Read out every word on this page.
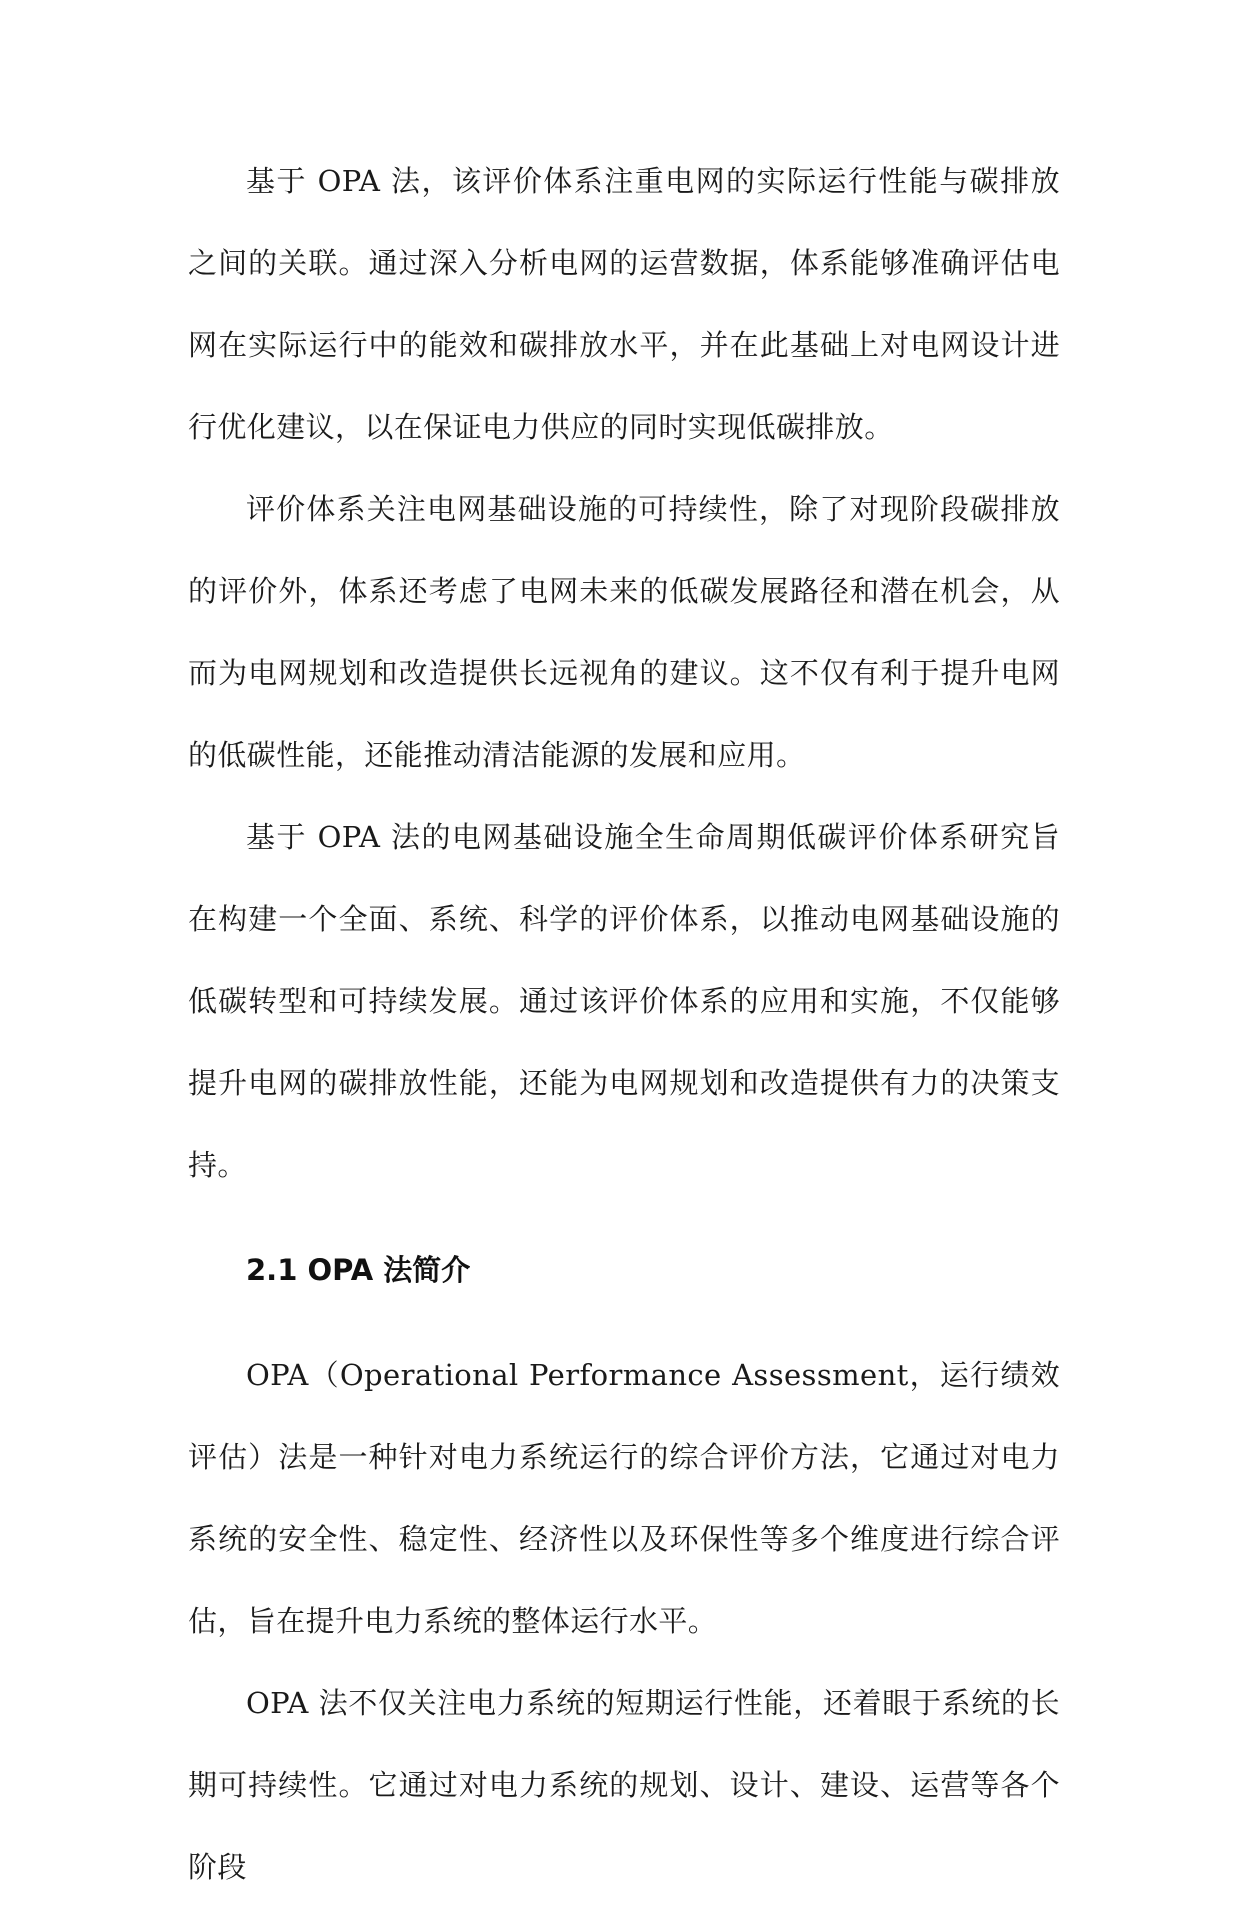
基于 OPA 法，该评价体系注重电网的实际运行性能与碳排放之间的关联。通过深入分析电网的运营数据，体系能够准确评估电网在实际运行中的能效和碳排放水平，并在此基础上对电网设计进行优化建议，以在保证电力供应的同时实现低碳排放。

评价体系关注电网基础设施的可持续性，除了对现阶段碳排放的评价外，体系还考虑了电网未来的低碳发展路径和潜在机会，从而为电网规划和改造提供长远视角的建议。这不仅有利于提升电网的低碳性能，还能推动清洁能源的发展和应用。

基于 OPA 法的电网基础设施全生命周期低碳评价体系研究旨在构建一个全面、系统、科学的评价体系，以推动电网基础设施的低碳转型和可持续发展。通过该评价体系的应用和实施，不仅能够提升电网的碳排放性能，还能为电网规划和改造提供有力的决策支持。

2.1 OPA 法简介

OPA（Operational Performance Assessment，运行绩效评估）法是一种针对电力系统运行的综合评价方法，它通过对电力系统的安全性、稳定性、经济性以及环保性等多个维度进行综合评估，旨在提升电力系统的整体运行水平。

OPA 法不仅关注电力系统的短期运行性能，还着眼于系统的长期可持续性。它通过对电力系统的规划、设计、建设、运营等各个阶段
